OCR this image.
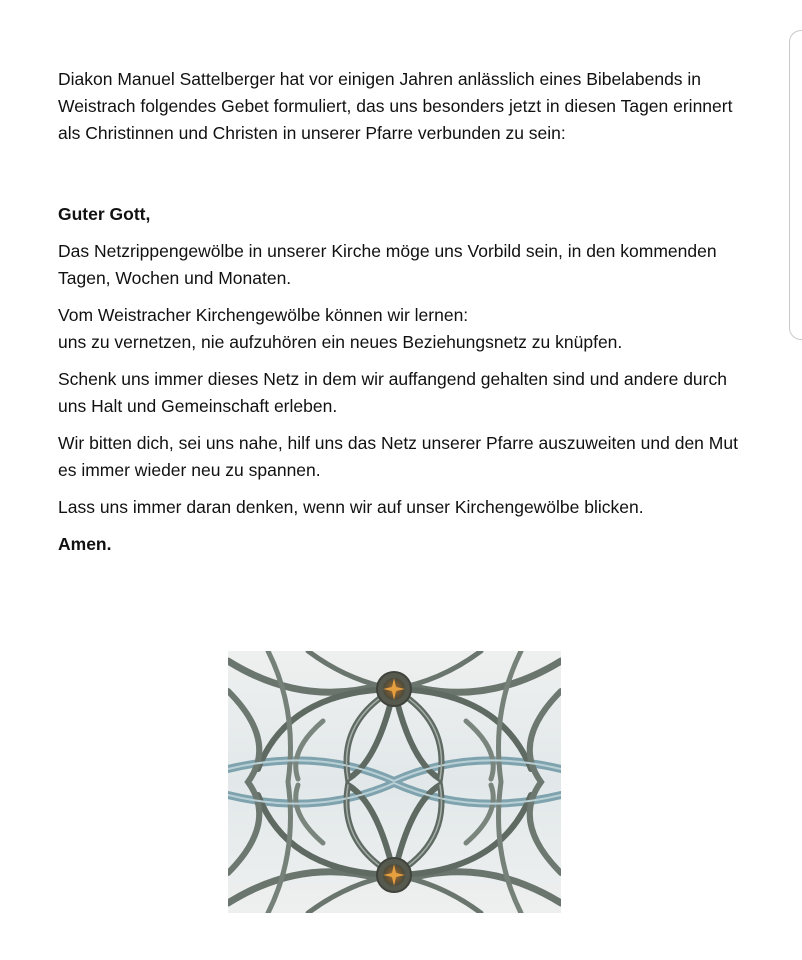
Diakon Manuel Sattelberger hat vor einigen Jahren anlässlich eines Bibelabends in Weistrach folgendes Gebet formuliert, das uns besonders jetzt in diesen Tagen erinnert als Christinnen und Christen in unserer Pfarre verbunden zu sein:

Guter Gott,

Das Netzrippengewölbe in unserer Kirche möge uns Vorbild sein, in den kommenden Tagen, Wochen und Monaten.

Vom Weistracher Kirchengewölbe können wir lernen:
uns zu vernetzen, nie aufzuhören ein neues Beziehungsnetz zu knüpfen.

Schenk uns immer dieses Netz in dem wir auffangend gehalten sind und andere durch uns Halt und Gemeinschaft erleben.

Wir bitten dich, sei uns nahe, hilf uns das Netz unserer Pfarre auszuweiten und den Mut es immer wieder neu zu spannen.

Lass uns immer daran denken, wenn wir auf unser Kirchengewölbe blicken.

Amen.
